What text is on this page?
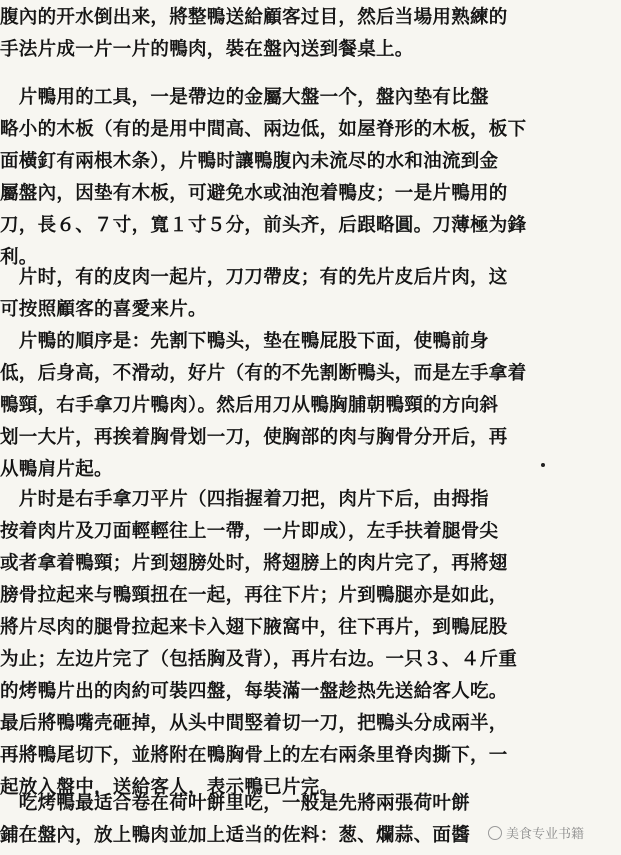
腹內的开水倒出来，將整鴨送給顧客过目，然后当場用熟練的
手法片成一片一片的鴨肉，裝在盤內送到餐桌上。
　片鴨用的工具，一是帶边的金屬大盤一个，盤內垫有比盤
略小的木板（有的是用中間高、兩边低，如屋脊形的木板，板下
面橫釘有兩根木条），片鴨时讓鴨腹內未流尽的水和油流到金
屬盤內，因垫有木板，可避免水或油泡着鴨皮；一是片鴨用的
刀，長６、７寸，寬１寸５分，前头齐，后跟略圓。刀薄極为鋒
利。
　片时，有的皮肉一起片，刀刀帶皮；有的先片皮后片肉，这
可按照顧客的喜愛来片。
　片鴨的順序是：先割下鴨头，垫在鴨屁股下面，使鴨前身
低，后身高，不滑动，好片（有的不先割断鴨头，而是左手拿着
鴨頸，右手拿刀片鴨肉）。然后用刀从鴨胸脯朝鴨頸的方向斜
划一大片，再挨着胸骨划一刀，使胸部的肉与胸骨分开后，再
从鴨肩片起。
　片时是右手拿刀平片（四指握着刀把，肉片下后，由拇指
按着肉片及刀面輕輕往上一帶，一片即成），左手扶着腿骨尖
或者拿着鴨頸；片到翅膀处时，將翅膀上的肉片完了，再將翅
膀骨拉起来与鴨頸扭在一起，再往下片；片到鴨腿亦是如此，
將片尽肉的腿骨拉起来卡入翅下腋窩中，往下再片，到鴨屁股
为止；左边片完了（包括胸及背），再片右边。一只３、４斤重
的烤鴨片出的肉約可裝四盤，每裝滿一盤趁热先送給客人吃。
最后將鴨嘴壳砸掉，从头中間竪着切一刀，把鴨头分成兩半，
再將鴨尾切下，並將附在鴨胸骨上的左右兩条里脊肉撕下，一
起放入盤中，送給客人，表示鴨已片完。
　吃烤鴨最适合卷在荷叶餅里吃，一般是先將兩張荷叶餅
鋪在盤內，放上鴨肉並加上适当的佐料：葱、爛蒜、面醬	美食专业书籍
